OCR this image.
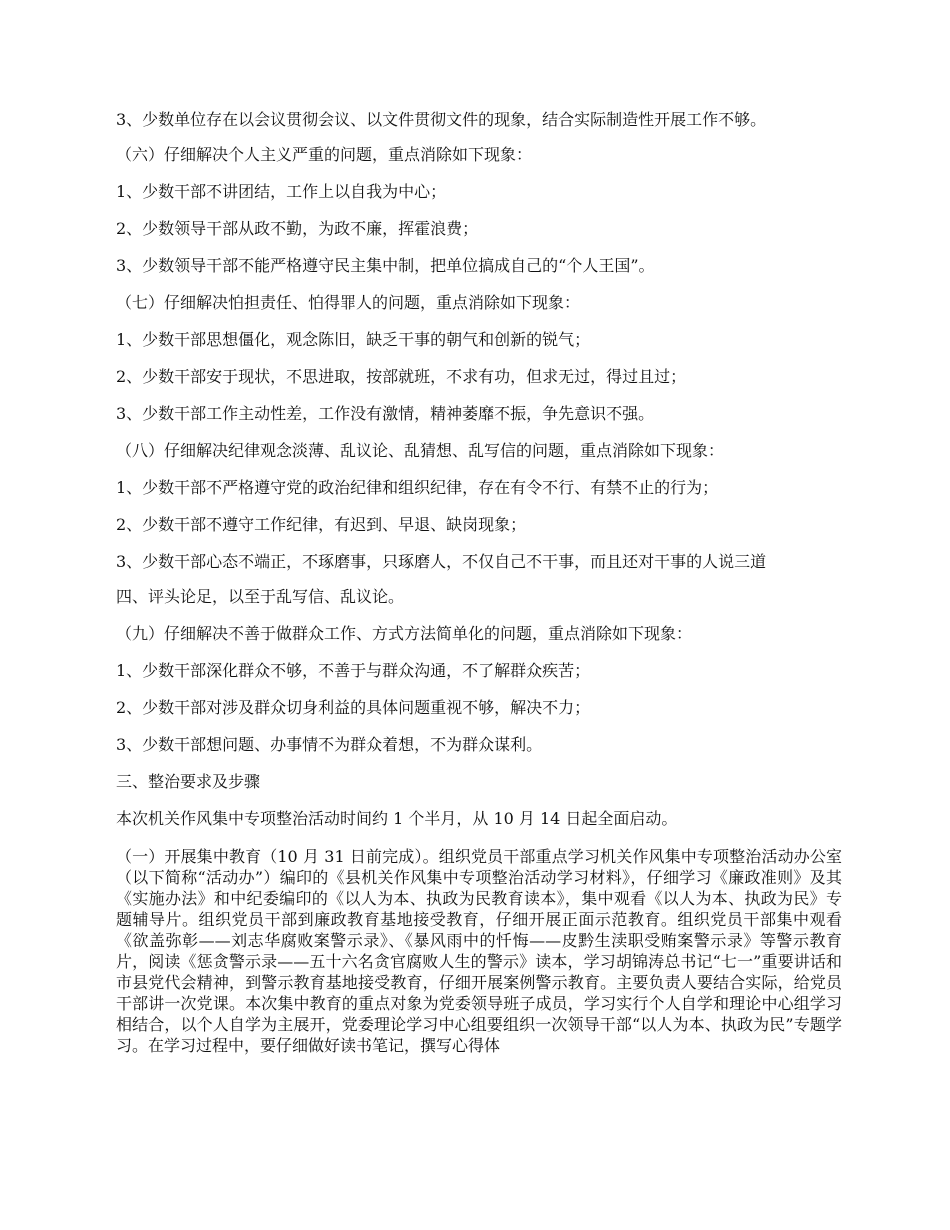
3、少数单位存在以会议贯彻会议、以文件贯彻文件的现象，结合实际制造性开展工作不够。

（六）仔细解决个人主义严重的问题，重点消除如下现象：

1、少数干部不讲团结，工作上以自我为中心；

2、少数领导干部从政不勤，为政不廉，挥霍浪费；

3、少数领导干部不能严格遵守民主集中制，把单位搞成自己的“个人王国”。

（七）仔细解决怕担责任、怕得罪人的问题，重点消除如下现象：

1、少数干部思想僵化，观念陈旧，缺乏干事的朝气和创新的锐气；

2、少数干部安于现状，不思进取，按部就班，不求有功，但求无过，得过且过；

3、少数干部工作主动性差，工作没有激情，精神萎靡不振，争先意识不强。

（八）仔细解决纪律观念淡薄、乱议论、乱猜想、乱写信的问题，重点消除如下现象：

1、少数干部不严格遵守党的政治纪律和组织纪律，存在有令不行、有禁不止的行为；

2、少数干部不遵守工作纪律，有迟到、早退、缺岗现象；

3、少数干部心态不端正，不琢磨事，只琢磨人，不仅自己不干事，而且还对干事的人说三道

四、评头论足，以至于乱写信、乱议论。

（九）仔细解决不善于做群众工作、方式方法简单化的问题，重点消除如下现象：

1、少数干部深化群众不够，不善于与群众沟通，不了解群众疾苦；

2、少数干部对涉及群众切身利益的具体问题重视不够，解决不力；

3、少数干部想问题、办事情不为群众着想，不为群众谋利。

三、整治要求及步骤

本次机关作风集中专项整治活动时间约 1 个半月，从 10 月 14 日起全面启动。

（一）开展集中教育（10 月 31 日前完成）。组织党员干部重点学习机关作风集中专项整治活动办公室（以下简称“活动办”）编印的《县机关作风集中专项整治活动学习材料》，仔细学习《廉政准则》及其《实施办法》和中纪委编印的《以人为本、执政为民教育读本》，集中观看《以人为本、执政为民》专题辅导片。组织党员干部到廉政教育基地接受教育，仔细开展正面示范教育。组织党员干部集中观看《欲盖弥彰——刘志华腐败案警示录》、《暴风雨中的忏悔——皮黔生渎职受贿案警示录》等警示教育片，阅读《惩贪警示录——五十六名贪官腐败人生的警示》读本，学习胡锦涛总书记“七一”重要讲话和市县党代会精神，到警示教育基地接受教育，仔细开展案例警示教育。主要负责人要结合实际，给党员干部讲一次党课。本次集中教育的重点对象为党委领导班子成员，学习实行个人自学和理论中心组学习相结合，以个人自学为主展开，党委理论学习中心组要组织一次领导干部“以人为本、执政为民”专题学习。在学习过程中，要仔细做好读书笔记，撰写心得体
